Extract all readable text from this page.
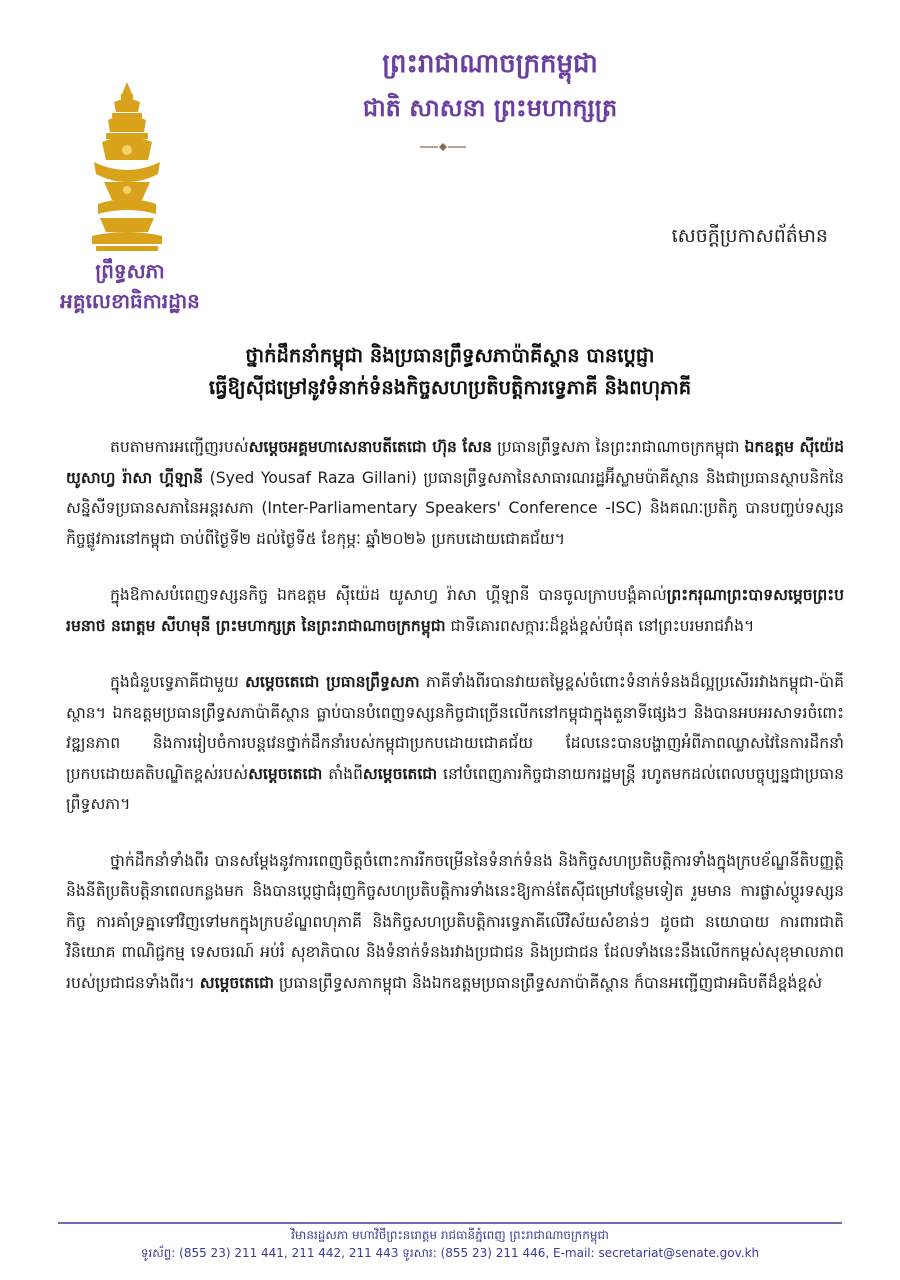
ព្រឹទ្ធសភា
អគ្គលេខាធិការដ្ឋាន
ព្រះរាជាណាចក្រកម្ពុជា
ជាតិ សាសនា ព្រះមហាក្សត្រ
សេចក្តីប្រកាសព័ត៌មាន
ថ្នាក់ដឹកនាំកម្ពុជា និងប្រធានព្រឹទ្ធសភាប៉ាគីស្ថាន បានប្តេជ្ញា
ធ្វើឱ្យស៊ីជម្រៅនូវទំនាក់ទំនងកិច្ចសហប្រតិបត្តិការទ្វេភាគី និងពហុភាគី

តបតាមការអញ្ជើញរបស់សម្តេចអគ្គមហាសេនាបតីតេជោ ហ៊ុន សែន ប្រធានព្រឹទ្ធសភា នៃព្រះរាជាណាចក្រកម្ពុជា ឯកឧត្តម ស៊ីយ៉េដ យូសាហ្វ រ៉ាសា ហ្គីឡានី (Syed Yousaf Raza Gillani) ប្រធានព្រឹទ្ធសភានៃសាធារណរដ្ឋអ៊ីស្លាមប៉ាគីស្ថាន និងជាប្រធានស្ថាបនិកនៃសន្និសីទប្រធានសភានៃអន្តរសភា (Inter-Parliamentary Speakers' Conference -ISC) និងគណៈប្រតិភូ បានបញ្ចប់ទស្សនកិច្ចផ្លូវការនៅកម្ពុជា ចាប់ពីថ្ងៃទី២ ដល់ថ្ងៃទី៥ ខែកុម្ភៈ ឆ្នាំ២០២៦ ប្រកបដោយជោគជ័យ។

ក្នុងឱកាសបំពេញទស្សនកិច្ច ឯកឧត្តម ស៊ីយ៉េដ យូសាហ្វ រ៉ាសា ហ្គីឡានី បានចូលក្រាបបង្គំគាល់ព្រះករុណាព្រះបាទសម្តេចព្រះបរមនាថ នរោត្តម សីហមុនី ព្រះមហាក្សត្រ នៃព្រះរាជាណាចក្រកម្ពុជា ជាទីគោរពសក្ការៈដ៏ខ្ពង់ខ្ពស់បំផុត នៅព្រះបរមរាជវាំង។

ក្នុងជំនួបទ្វេភាគីជាមួយ សម្តេចតេជោ ប្រធានព្រឹទ្ធសភា ភាគីទាំងពីរបានវាយតម្លៃខ្ពស់ចំពោះទំនាក់ទំនងដ៏ល្អប្រសើររវាងកម្ពុជា-ប៉ាគីស្ថាន។ ឯកឧត្តមប្រធានព្រឹទ្ធសភាប៉ាគីស្ថាន ធ្លាប់បានបំពេញទស្សនកិច្ចជាច្រើនលើកនៅកម្ពុជាក្នុងតួនាទីផ្សេងៗ និងបានអបអរសាទរចំពោះវឌ្ឍនភាព និងការរៀបចំការបន្តវេនថ្នាក់ដឹកនាំរបស់កម្ពុជាប្រកបដោយជោគជ័យ ដែលនេះបានបង្ហាញអំពីភាពឈ្លាសវៃនៃការដឹកនាំប្រកបដោយគតិបណ្ឌិតខ្ពស់របស់សម្តេចតេជោ តាំងពីសម្តេចតេជោ នៅបំពេញភារកិច្ចជានាយករដ្ឋមន្ត្រី រហូតមកដល់ពេលបច្ចុប្បន្នជាប្រធានព្រឹទ្ធសភា។

ថ្នាក់ដឹកនាំទាំងពីរ បានសម្តែងនូវការពេញចិត្តចំពោះការរីកចម្រើននៃទំនាក់ទំនង និងកិច្ចសហប្រតិបត្តិការទាំងក្នុងក្របខ័ណ្ឌនីតិបញ្ញត្តិ និងនីតិប្រតិបត្តិនាពេលកន្លងមក និងបានប្តេជ្ញាជំរុញកិច្ចសហប្រតិបត្តិការទាំងនេះឱ្យកាន់តែស៊ីជម្រៅបន្ថែមទៀត រួមមាន ការផ្លាស់ប្តូរទស្សនកិច្ច ការគាំទ្រគ្នាទៅវិញទៅមកក្នុងក្របខ័ណ្ឌពហុភាគី និងកិច្ចសហប្រតិបត្តិការទ្វេភាគីលើវិស័យសំខាន់ៗ ដូចជា នយោបាយ ការពារជាតិ វិនិយោគ ពាណិជ្ជកម្ម ទេសចរណ៍ អប់រំ សុខាភិបាល និងទំនាក់ទំនងរវាងប្រជាជន និងប្រជាជន ដែលទាំងនេះនឹងលើកកម្ពស់សុខុមាលភាពរបស់ប្រជាជនទាំងពីរ។ សម្តេចតេជោ ប្រធានព្រឹទ្ធសភាកម្ពុជា និងឯកឧត្តមប្រធានព្រឹទ្ធសភាប៉ាគីស្ថាន ក៏បានអញ្ជើញជាអធិបតីដ៏ខ្ពង់ខ្ពស់

វិមានរដ្ឋសភា មហាវិថីព្រះនរោត្តម រាជធានីភ្នំពេញ ព្រះរាជាណាចក្រកម្ពុជា
ទូរស័ព្ទ: (855 23) 211 441, 211 442, 211 443 ទូរសារ: (855 23) 211 446, E-mail: secretariat@senate.gov.kh
